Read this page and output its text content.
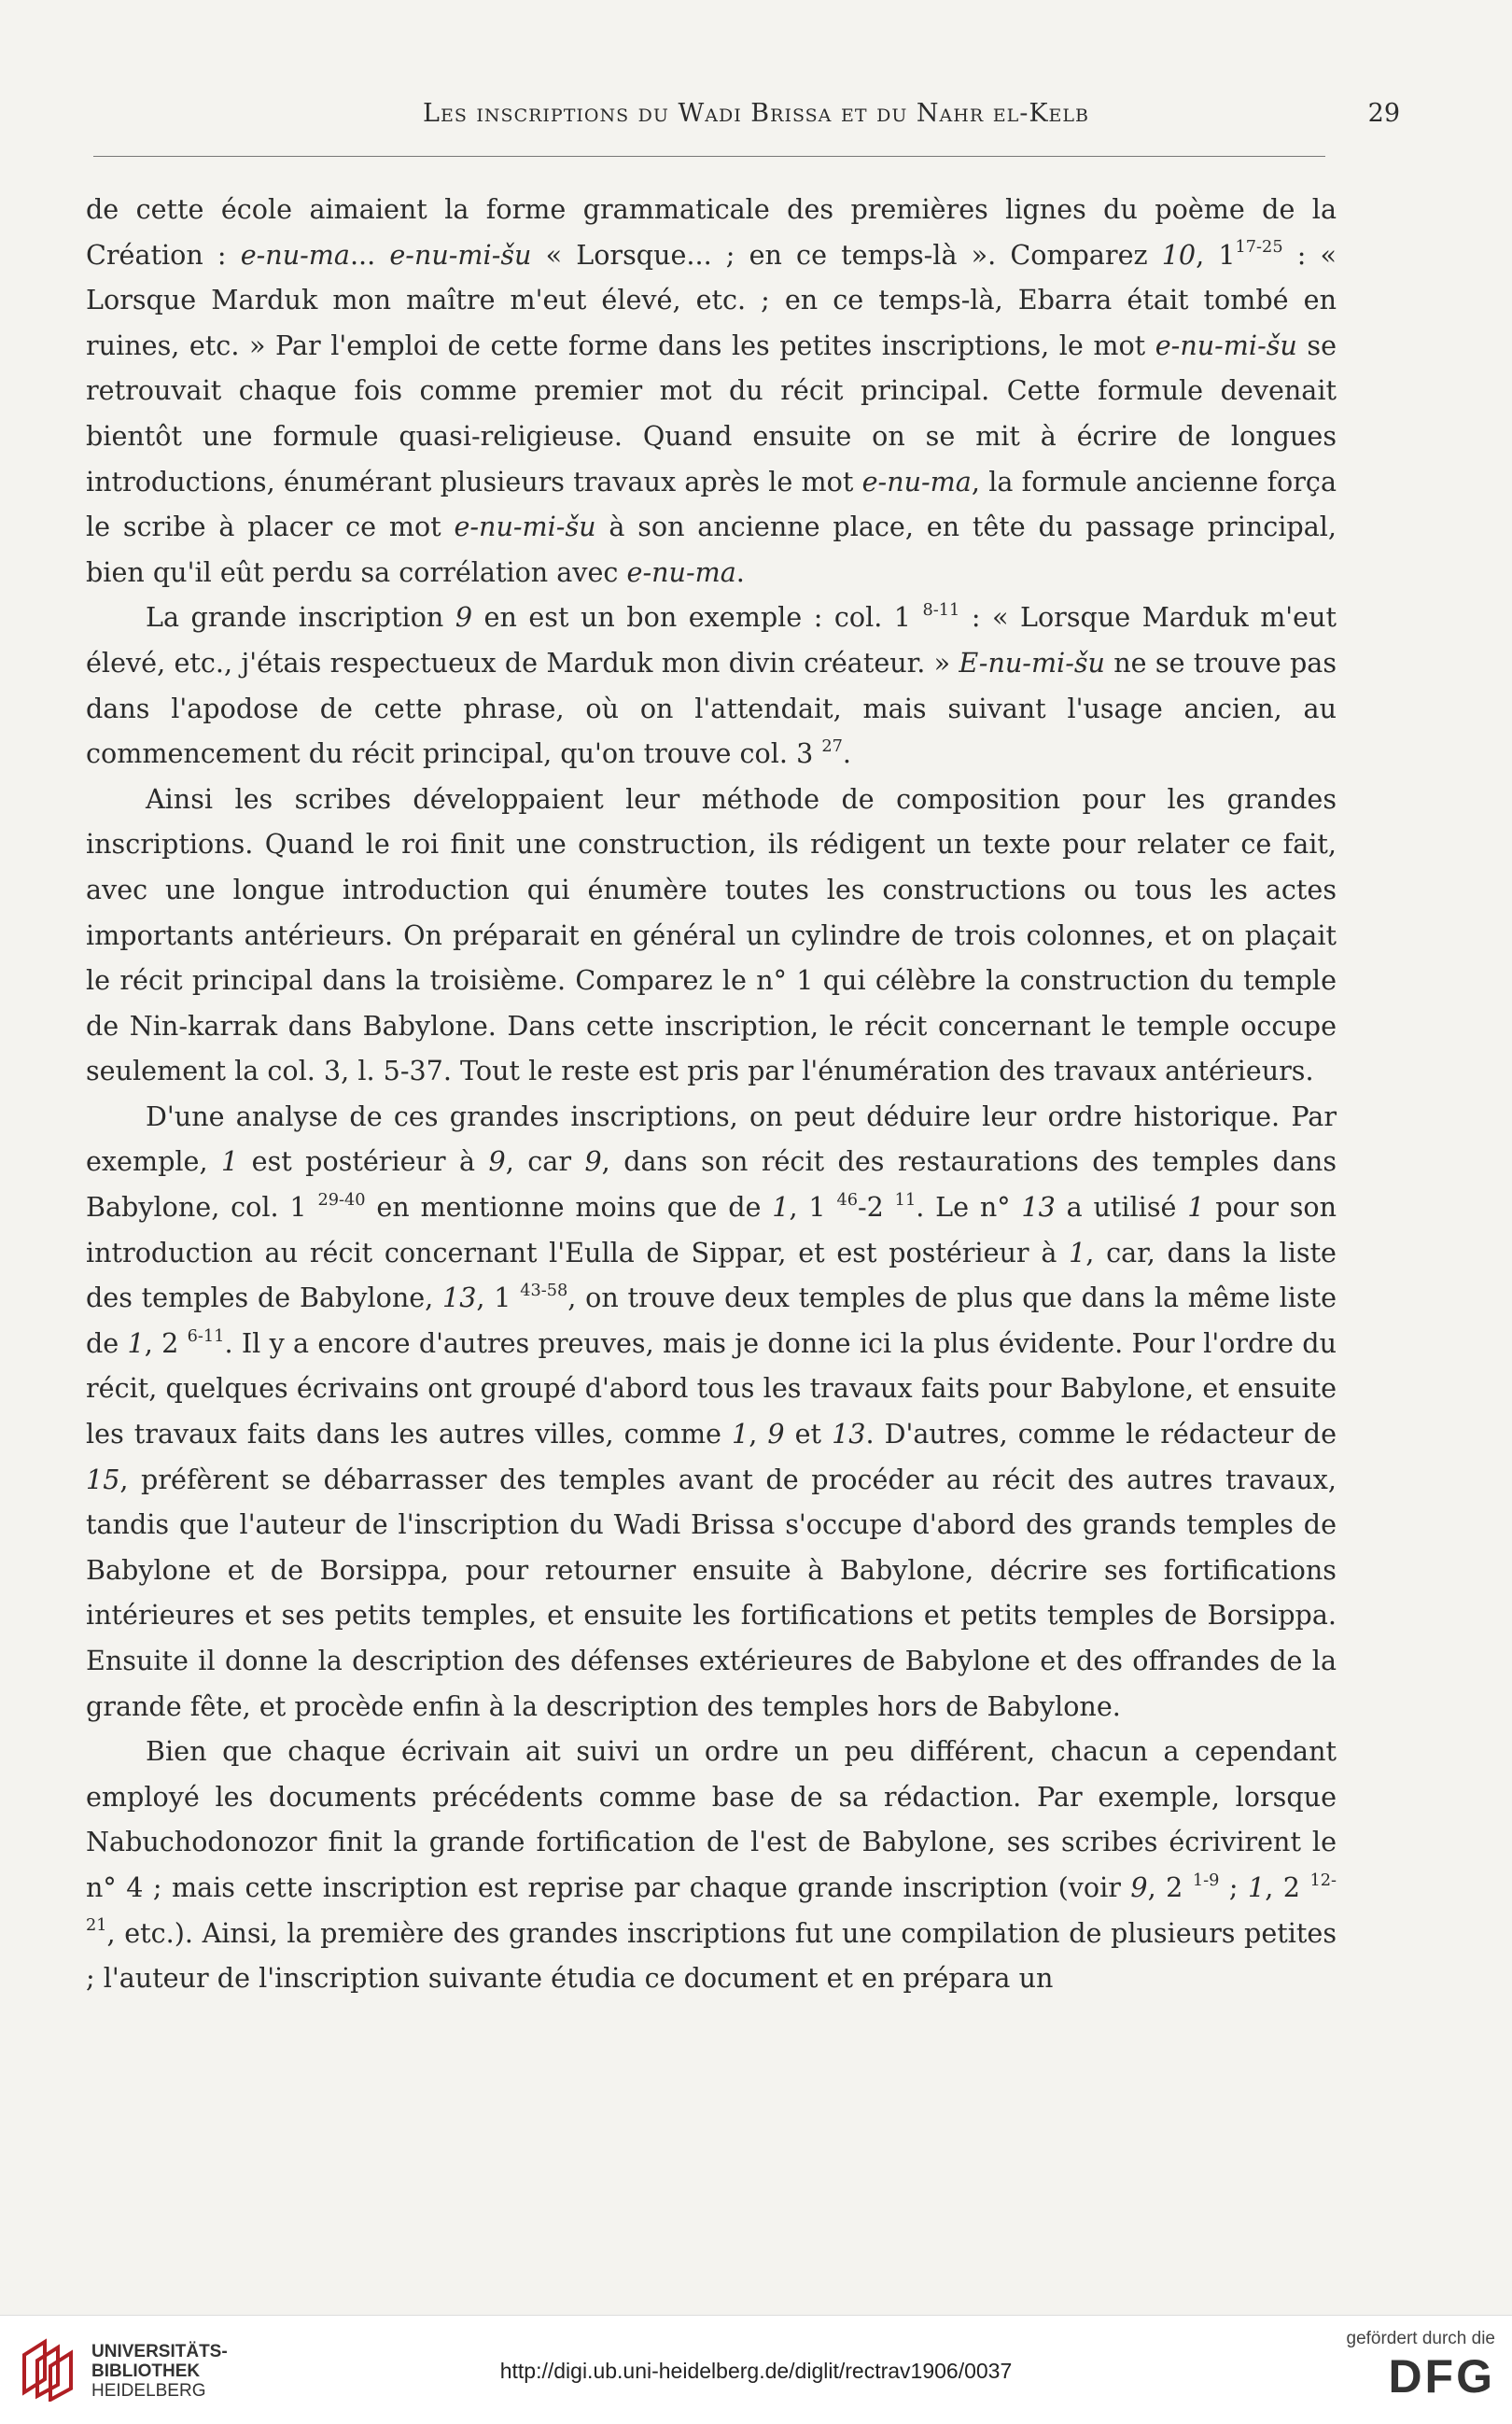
Les inscriptions du Wadi Brissa et du Nahr el-Kelb	29

de cette école aimaient la forme grammaticale des premières lignes du poème de la Création : e-nu-ma... e-nu-mi-šu « Lorsque... ; en ce temps-là ». Comparez 10, 1$^{17-25}$ : « Lorsque Marduk mon maître m'eut élevé, etc. ; en ce temps-là, Ebarra était tombé en ruines, etc. » Par l'emploi de cette forme dans les petites inscriptions, le mot e-nu-mi-šu se retrouvait chaque fois comme premier mot du récit principal. Cette formule devenait bientôt une formule quasi-religieuse. Quand ensuite on se mit à écrire de longues introductions, énumérant plusieurs travaux après le mot e-nu-ma, la formule ancienne força le scribe à placer ce mot e-nu-mi-šu à son ancienne place, en tête du passage principal, bien qu'il eût perdu sa corrélation avec e-nu-ma.

La grande inscription 9 en est un bon exemple : col. 1 $^{8-11}$ : « Lorsque Marduk m'eut élevé, etc., j'étais respectueux de Marduk mon divin créateur. » E-nu-mi-šu ne se trouve pas dans l'apodose de cette phrase, où on l'attendait, mais suivant l'usage ancien, au commencement du récit principal, qu'on trouve col. 3 $^{27}$.

Ainsi les scribes développaient leur méthode de composition pour les grandes inscriptions. Quand le roi finit une construction, ils rédigent un texte pour relater ce fait, avec une longue introduction qui énumère toutes les constructions ou tous les actes importants antérieurs. On préparait en général un cylindre de trois colonnes, et on plaçait le récit principal dans la troisième. Comparez le n° 1 qui célèbre la construction du temple de Nin-karrak dans Babylone. Dans cette inscription, le récit concernant le temple occupe seulement la col. 3, l. 5-37. Tout le reste est pris par l'énumération des travaux antérieurs.

D'une analyse de ces grandes inscriptions, on peut déduire leur ordre historique. Par exemple, 1 est postérieur à 9, car 9, dans son récit des restaurations des temples dans Babylone, col. 1 $^{29-40}$ en mentionne moins que de 1, 1 $^{46}$-2 $^{11}$. Le n° 13 a utilisé 1 pour son introduction au récit concernant l'Eulla de Sippar, et est postérieur à 1, car, dans la liste des temples de Babylone, 13, 1 $^{43-58}$, on trouve deux temples de plus que dans la même liste de 1, 2 $^{6-11}$. Il y a encore d'autres preuves, mais je donne ici la plus évidente. Pour l'ordre du récit, quelques écrivains ont groupé d'abord tous les travaux faits pour Babylone, et ensuite les travaux faits dans les autres villes, comme 1, 9 et 13. D'autres, comme le rédacteur de 15, préfèrent se débarrasser des temples avant de procéder au récit des autres travaux, tandis que l'auteur de l'inscription du Wadi Brissa s'occupe d'abord des grands temples de Babylone et de Borsippa, pour retourner ensuite à Babylone, décrire ses fortifications intérieures et ses petits temples, et ensuite les fortifications et petits temples de Borsippa. Ensuite il donne la description des défenses extérieures de Babylone et des offrandes de la grande fête, et procède enfin à la description des temples hors de Babylone.

Bien que chaque écrivain ait suivi un ordre un peu différent, chacun a cependant employé les documents précédents comme base de sa rédaction. Par exemple, lorsque Nabuchodonozor finit la grande fortification de l'est de Babylone, ses scribes écrivirent le n° 4 ; mais cette inscription est reprise par chaque grande inscription (voir 9, 2 $^{1-9}$ ; 1, 2 $^{12-21}$, etc.). Ainsi, la première des grandes inscriptions fut une compilation de plusieurs petites ; l'auteur de l'inscription suivante étudia ce document et en prépara un

UNIVERSITÄTS-
BIBLIOTHEK
HEIDELBERG
http://digi.ub.uni-heidelberg.de/diglit/rectrav1906/0037
gefördert durch die
DFG
